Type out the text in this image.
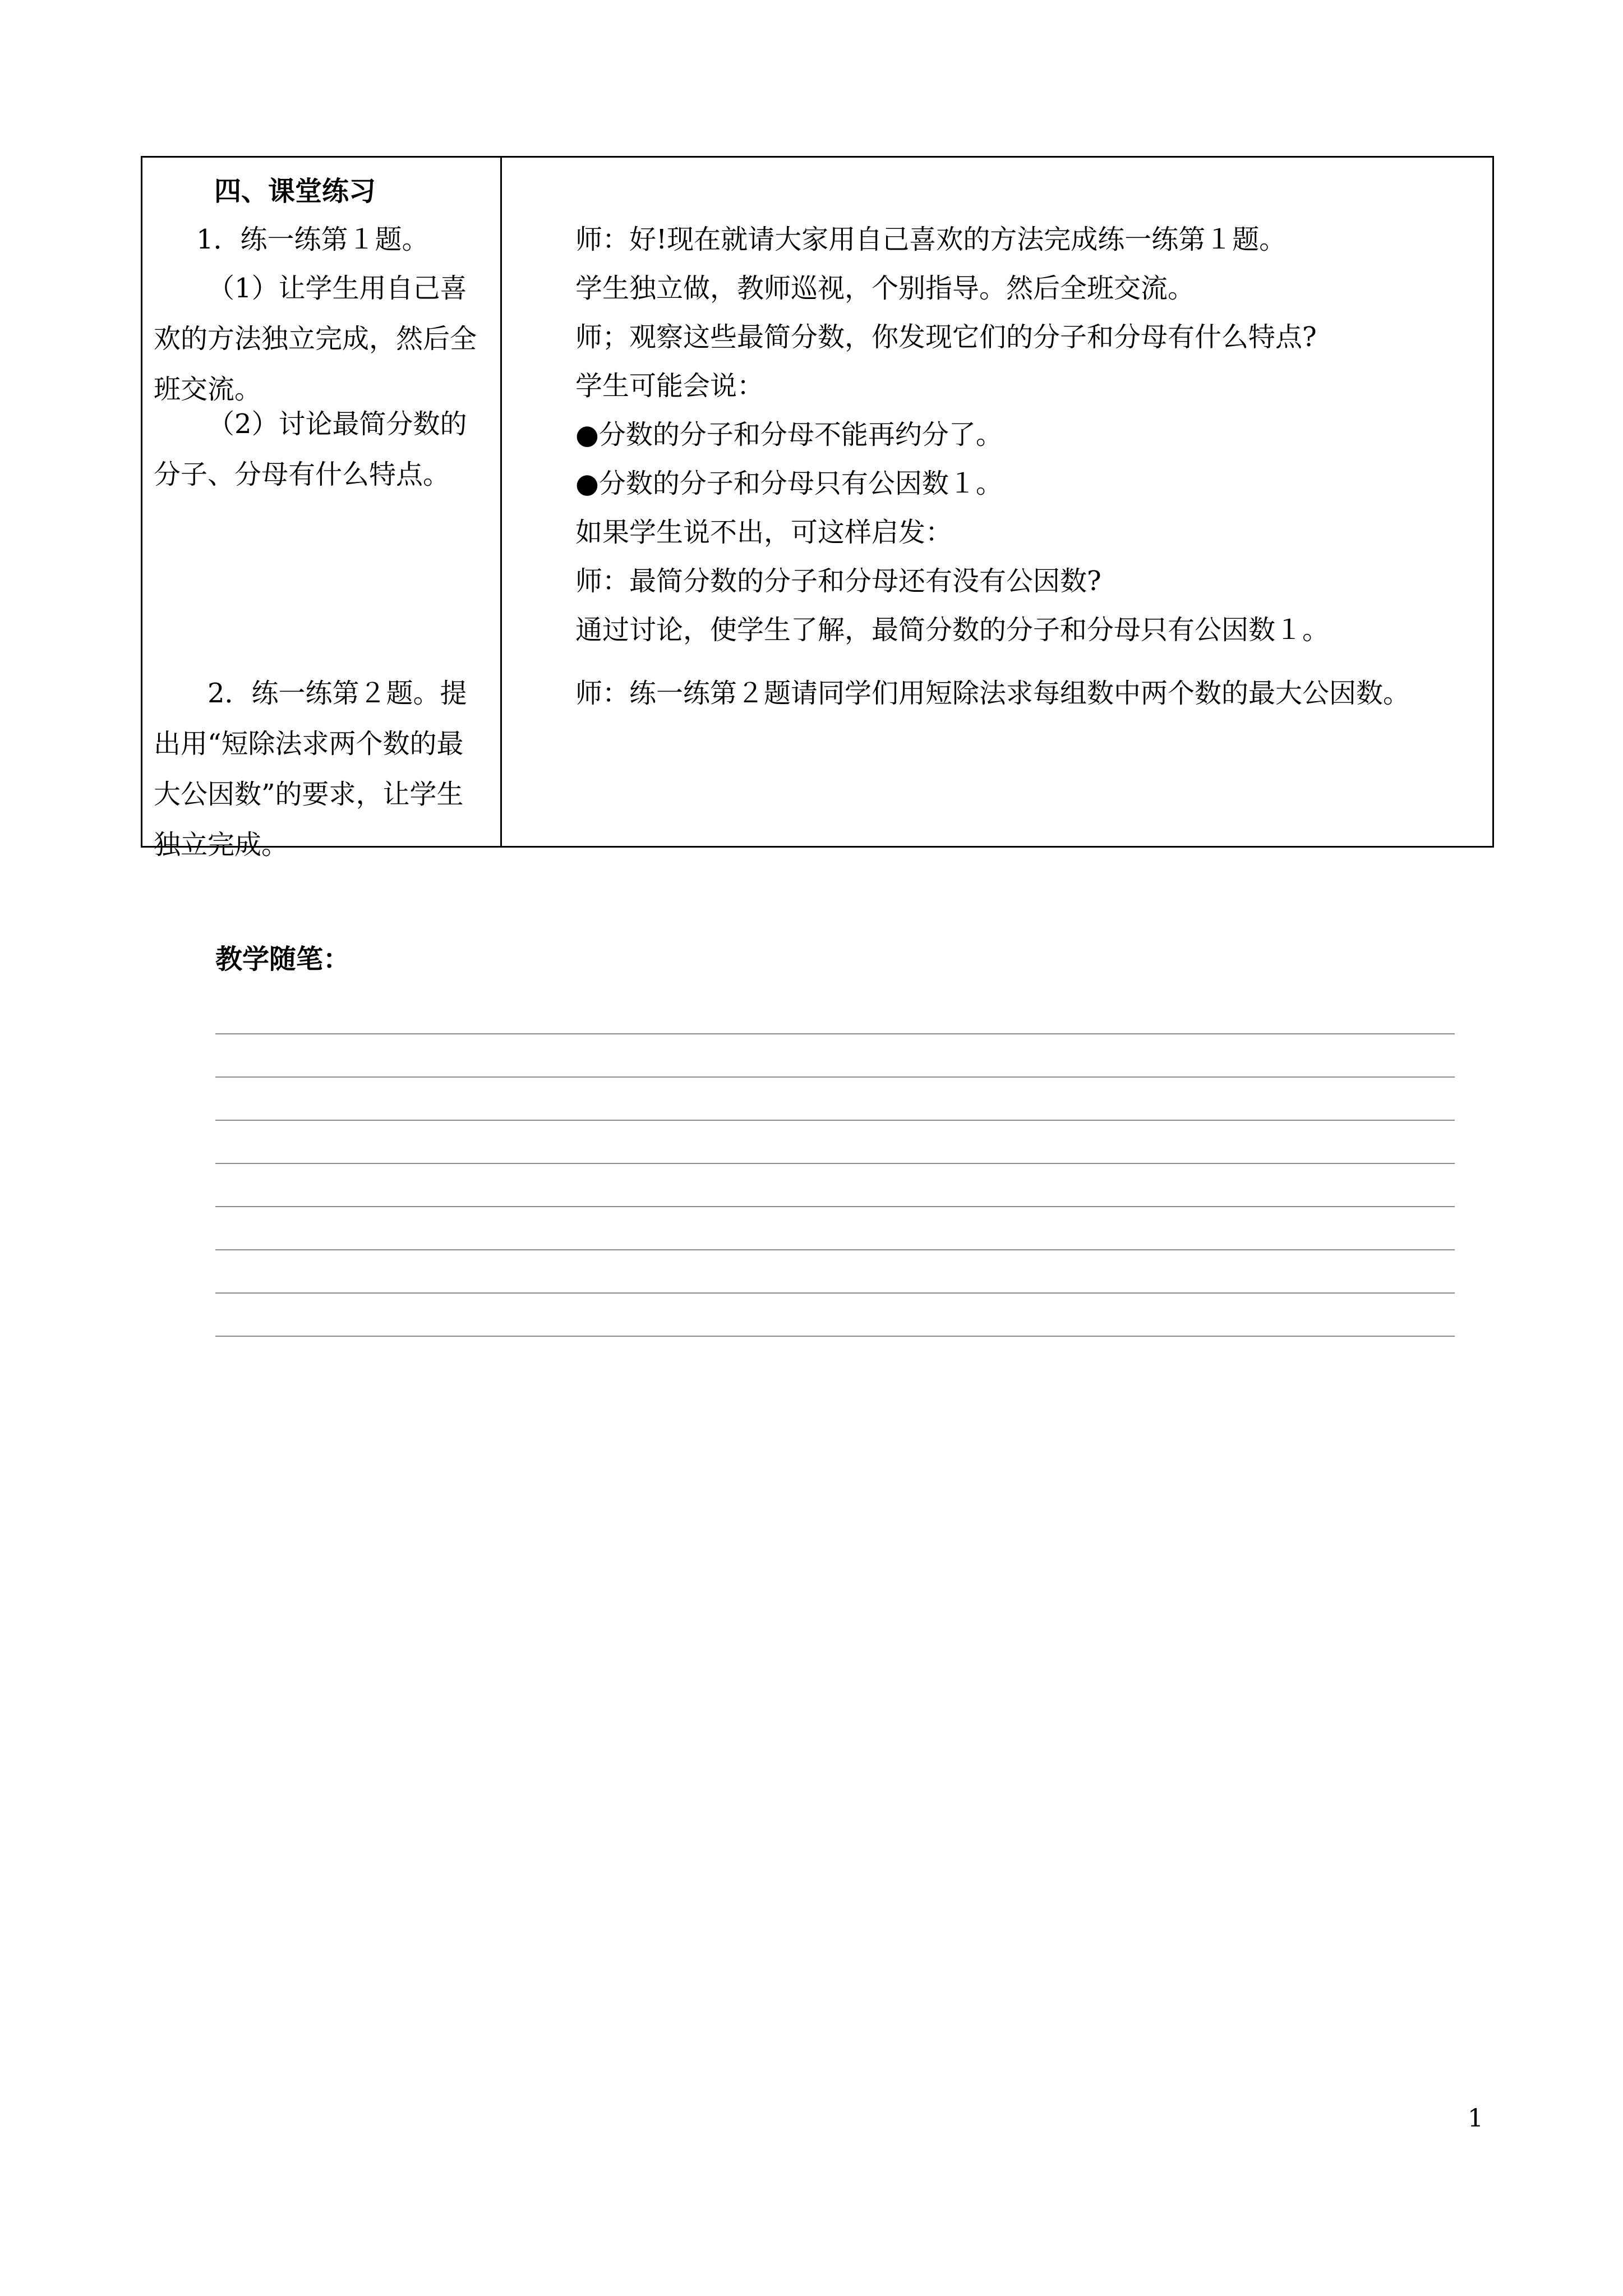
四、课堂练习
1．练一练第１题。
（1）让学生用自己喜欢的方法独立完成，然后全班交流。
（2）讨论最简分数的分子、分母有什么特点。
2．练一练第２题。提出用“短除法求两个数的最大公因数”的要求，让学生独立完成。
师：好!现在就请大家用自己喜欢的方法完成练一练第１题。
学生独立做，教师巡视，个别指导。然后全班交流。
师；观察这些最简分数，你发现它们的分子和分母有什么特点?
学生可能会说：
●分数的分子和分母不能再约分了。
●分数的分子和分母只有公因数１。
如果学生说不出，可这样启发：
师：最简分数的分子和分母还有没有公因数?
通过讨论，使学生了解，最简分数的分子和分母只有公因数１。
师：练一练第２题请同学们用短除法求每组数中两个数的最大公因数。
教学随笔：
1
